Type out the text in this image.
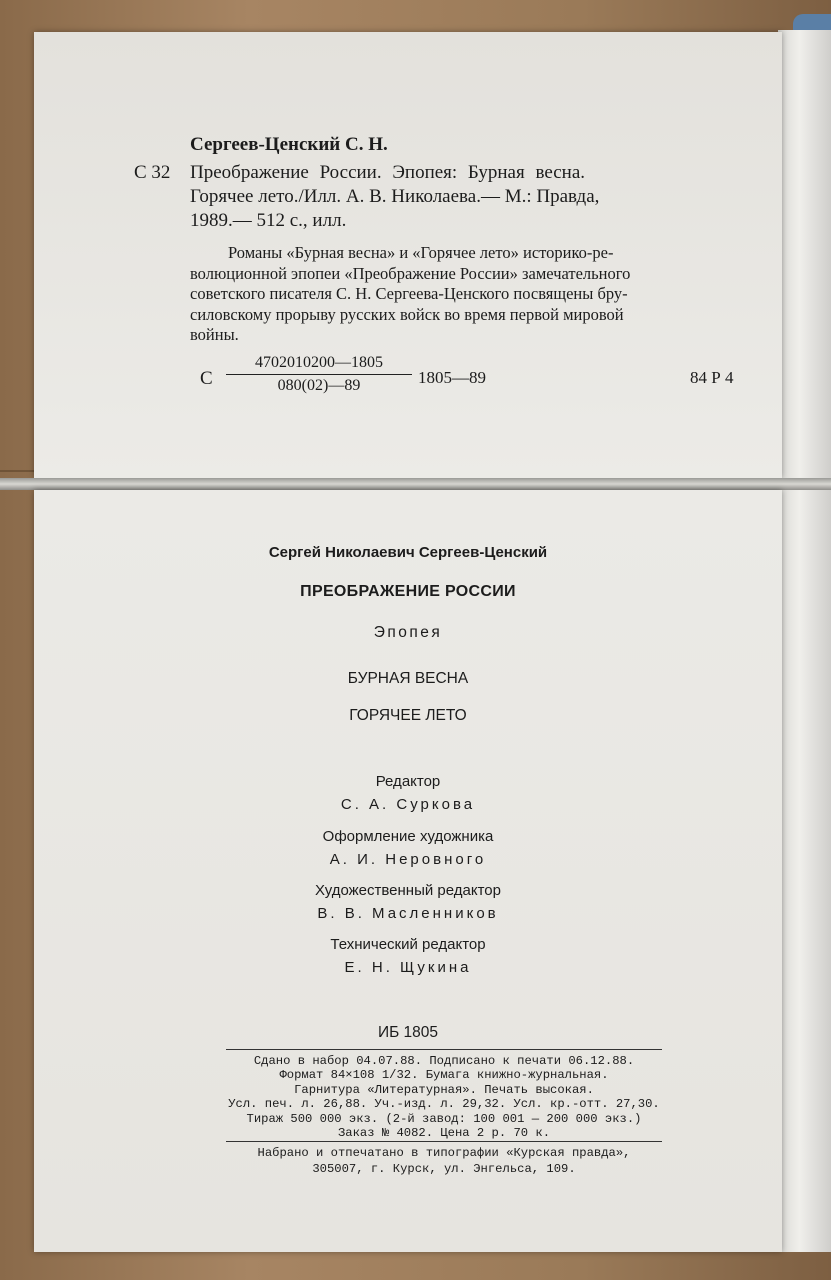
Сергеев-Ценский С. Н.
С 32 Преображение России. Эпопея: Бурная весна.
Горячее лето./Илл. А. В. Николаева.— М.: Правда,
1989.— 512 с., илл.
Романы «Бурная весна» и «Горячее лето» историко-ре-
волюционной эпопеи «Преображение России» замечательного
советского писателя С. Н. Сергеева-Ценского посвящены бру-
силовскому прорыву русских войск во время первой мировой
войны.
С $\frac{4702010200—1805}{080(02)—89}$ 1805—89	84 Р 4
Сергей Николаевич Сергеев-Ценский
ПРЕОБРАЖЕНИЕ РОССИИ
Эпопея
БУРНАЯ ВЕСНА
ГОРЯЧЕЕ ЛЕТО
Редактор
С. А. Суркова
Оформление художника
А. И. Неровного
Художественный редактор
В. В. Масленников
Технический редактор
Е. Н. Щукина
ИБ 1805
Сдано в набор 04.07.88. Подписано к печати 06.12.88.
Формат 84×108 1/32. Бумага книжно-журнальная.
Гарнитура «Литературная». Печать высокая.
Усл. печ. л. 26,88. Уч.-изд. л. 29,32. Усл. кр.-отт. 27,30.
Тираж 500 000 экз. (2-й завод: 100 001 — 200 000 экз.)
Заказ № 4082. Цена 2 р. 70 к.
Набрано и отпечатано в типографии «Курская правда»,
305007, г. Курск, ул. Энгельса, 109.
